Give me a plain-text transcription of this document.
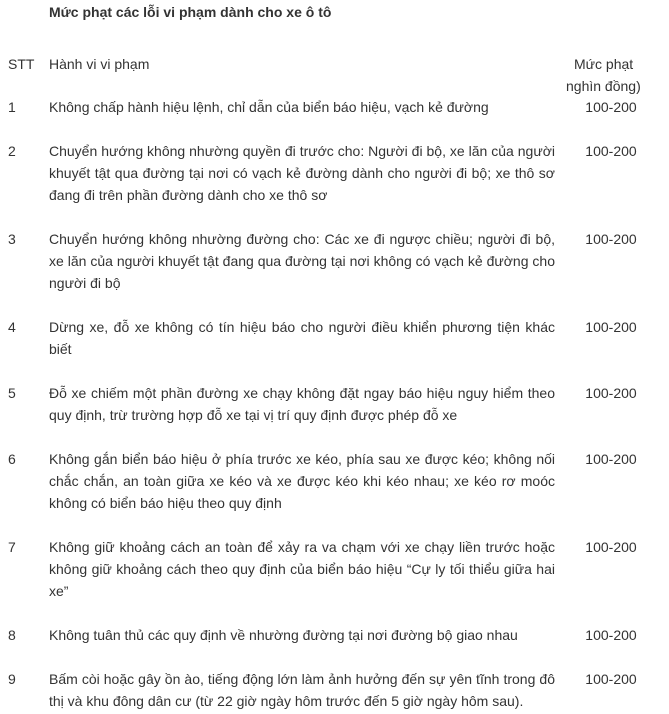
Mức phạt các lỗi vi phạm dành cho xe ô tô
STT	Hành vi vi phạm	Mức phạt
nghìn đồng)
1	Không chấp hành hiệu lệnh, chỉ dẫn của biển báo hiệu, vạch kẻ đường	100-200
2	Chuyển hướng không nhường quyền đi trước cho: Người đi bộ, xe lăn của người khuyết tật qua đường tại nơi có vạch kẻ đường dành cho người đi bộ; xe thô sơ đang đi trên phần đường dành cho xe thô sơ
100-200
3	Chuyển hướng không nhường đường cho: Các xe đi ngược chiều; người đi bộ, xe lăn của người khuyết tật đang qua đường tại nơi không có vạch kẻ đường cho người đi bộ
100-200
4	Dừng xe, đỗ xe không có tín hiệu báo cho người điều khiển phương tiện khác biết
100-200
5	Đỗ xe chiếm một phần đường xe chạy không đặt ngay báo hiệu nguy hiểm theo quy định, trừ trường hợp đỗ xe tại vị trí quy định được phép đỗ xe
100-200
6	Không gắn biển báo hiệu ở phía trước xe kéo, phía sau xe được kéo; không nối chắc chắn, an toàn giữa xe kéo và xe được kéo khi kéo nhau; xe kéo rơ moóc không có biển báo hiệu theo quy định
100-200
7	Không giữ khoảng cách an toàn để xảy ra va chạm với xe chạy liền trước hoặc không giữ khoảng cách theo quy định của biển báo hiệu “Cự ly tối thiểu giữa hai xe”
100-200
8	Không tuân thủ các quy định về nhường đường tại nơi đường bộ giao nhau	100-200
9	Bấm còi hoặc gây ồn ào, tiếng động lớn làm ảnh hưởng đến sự yên tĩnh trong đô thị và khu đông dân cư (từ 22 giờ ngày hôm trước đến 5 giờ ngày hôm sau).
100-200
